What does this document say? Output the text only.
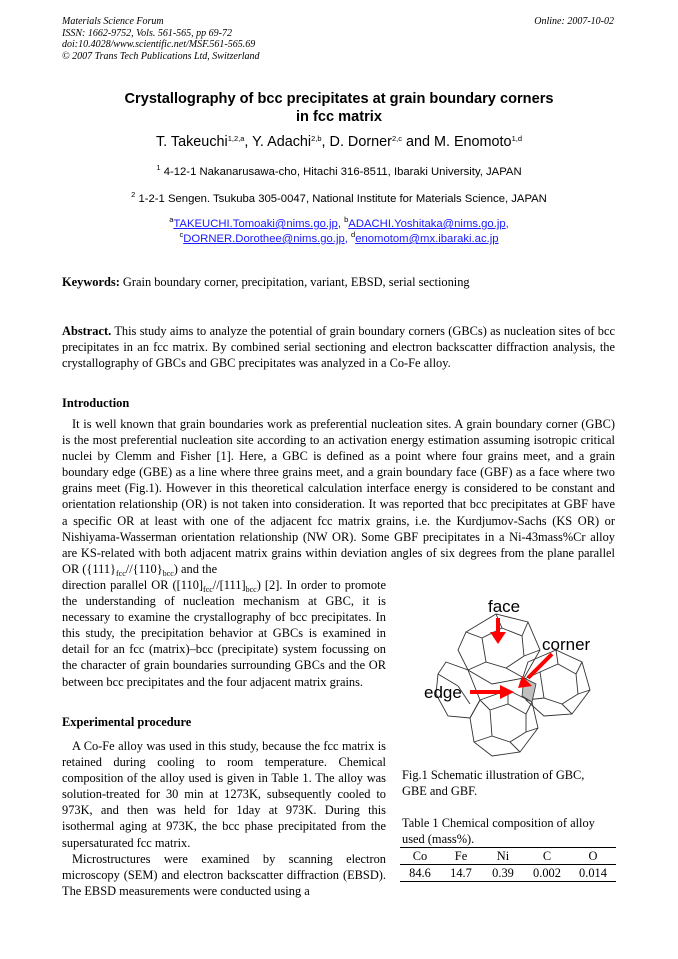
Materials Science Forum
ISSN: 1662-9752, Vols. 561-565, pp 69-72
doi:10.4028/www.scientific.net/MSF.561-565.69
© 2007 Trans Tech Publications Ltd, Switzerland
Online: 2007-10-02
Crystallography of bcc precipitates at grain boundary corners
in fcc matrix
T. Takeuchi$^{1,2,a}$, Y. Adachi$^{2,b}$, D. Dorner$^{2,c}$ and M. Enomoto$^{1,d}$
$^1$ 4-12-1 Nakanarusawa-cho, Hitachi 316-8511, Ibaraki University, JAPAN
$^2$ 1-2-1 Sengen. Tsukuba 305-0047, National Institute for Materials Science, JAPAN
$^a$TAKEUCHI.Tomoaki@nims.go.jp, $^b$ADACHI.Yoshitaka@nims.go.jp,
$^c$DORNER.Dorothee@nims.go.jp, $^d$enomotom@mx.ibaraki.ac.jp
Keywords: Grain boundary corner, precipitation, variant, EBSD, serial sectioning
Abstract. This study aims to analyze the potential of grain boundary corners (GBCs) as nucleation sites of bcc precipitates in an fcc matrix. By combined serial sectioning and electron backscatter diffraction analysis, the crystallography of GBCs and GBC precipitates was analyzed in a Co-Fe alloy.
Introduction
It is well known that grain boundaries work as preferential nucleation sites. A grain boundary corner (GBC) is the most preferential nucleation site according to an activation energy estimation assuming isotropic critical nuclei by Clemm and Fisher [1]. Here, a GBC is defined as a point where four grains meet, and a grain boundary edge (GBE) as a line where three grains meet, and a grain boundary face (GBF) as a face where two grains meet (Fig.1). However in this theoretical calculation interface energy is considered to be constant and orientation relationship (OR) is not taken into consideration. It was reported that bcc precipitates at GBF have a specific OR at least with one of the adjacent fcc matrix grains, i.e. the Kurdjumov-Sachs (KS OR) or Nishiyama-Wasserman orientation relationship (NW OR). Some GBF precipitates in a Ni-43mass%Cr alloy are KS-related with both adjacent matrix grains within deviation angles of six degrees from the plane parallel OR $(\{111\}_{fcc}//\{110\}_{bcc})$ and the
direction parallel OR $([110]_{fcc}//[111]_{bcc})$ [2]. In order to promote the understanding of nucleation mechanism at GBC, it is necessary to examine the crystallography of bcc precipitates. In this study, the precipitation behavior at GBCs is examined in detail for an fcc (matrix)–bcc (precipitate) system focussing on the character of grain boundaries surrounding GBCs and the OR between bcc precipitates and the four adjacent matrix grains.
Experimental procedure
A Co-Fe alloy was used in this study, because the fcc matrix is retained during cooling to room temperature. Chemical composition of the alloy used is given in Table 1. The alloy was solution-treated for 30 min at 1273K, subsequently cooled to 973K, and then was held for 1day at 973K. During this isothermal aging at 973K, the bcc phase precipitated from the supersaturated fcc matrix.
Microstructures were examined by scanning electron microscopy (SEM) and electron backscatter diffraction (EBSD). The EBSD measurements were conducted using a
face
corner
edge
Fig.1 Schematic illustration of GBC, GBE and GBF.
Table 1 Chemical composition of alloy used (mass%).
Co	Fe	Ni	C	O
84.6	14.7	0.39	0.002	0.014
